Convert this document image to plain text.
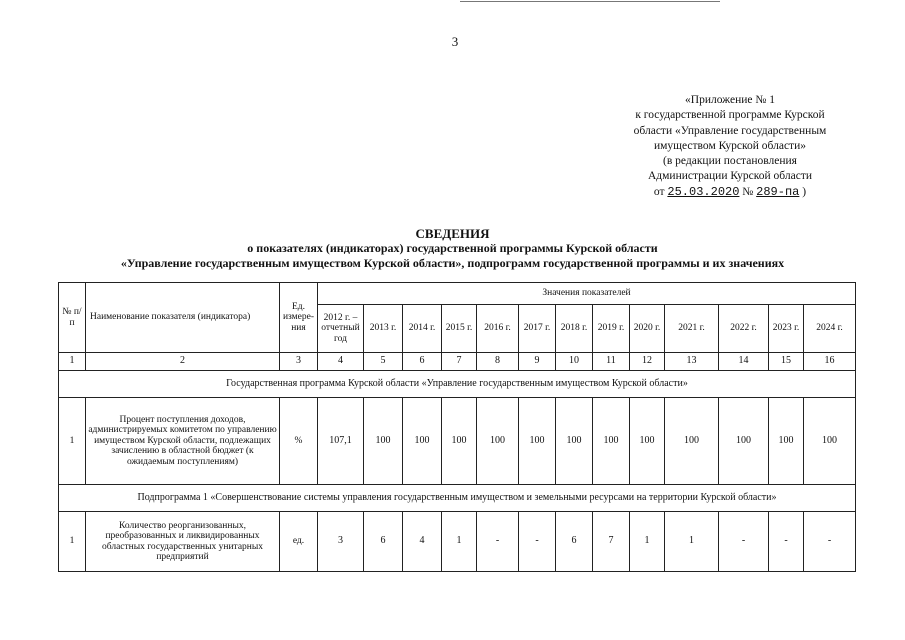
3
«Приложение № 1
к государственной программе Курской
области «Управление государственным
имуществом Курской области»
(в редакции постановления
Администрации Курской области
от 25.03.2020 № 289-па )
СВЕДЕНИЯ
о показателях (индикаторах) государственной программы Курской области
«Управление государственным имуществом Курской области», подпрограмм государственной программы и их значениях
№ п/п	Наименование показателя (индикатора)	Ед. измере-ния	Значения показателей												
			2012 г. – отчетный год	2013 г.	2014 г.	2015 г.	2016 г.	2017 г.	2018 г.	2019 г.	2020 г.	2021 г.	2022 г.	2023 г.	2024 г.
1	2	3	4	5	6	7	8	9	10	11	12	13	14	15	16
Государственная программа Курской области «Управление государственным имуществом Курской области»															
1	Процент поступления доходов, администрируемых комитетом по управлению имуществом Курской области, подлежащих зачислению в областной бюджет (к ожидаемым поступлениям)	%	107,1	100	100	100	100	100	100	100	100	100	100	100	100
Подпрограмма 1 «Совершенствование системы управления государственным имуществом и земельными ресурсами на территории Курской области»															
1	Количество реорганизованных, преобразованных и ликвидированных областных государственных унитарных предприятий	ед.	3	6	4	1	-	-	6	7	1	1	-	-	-
